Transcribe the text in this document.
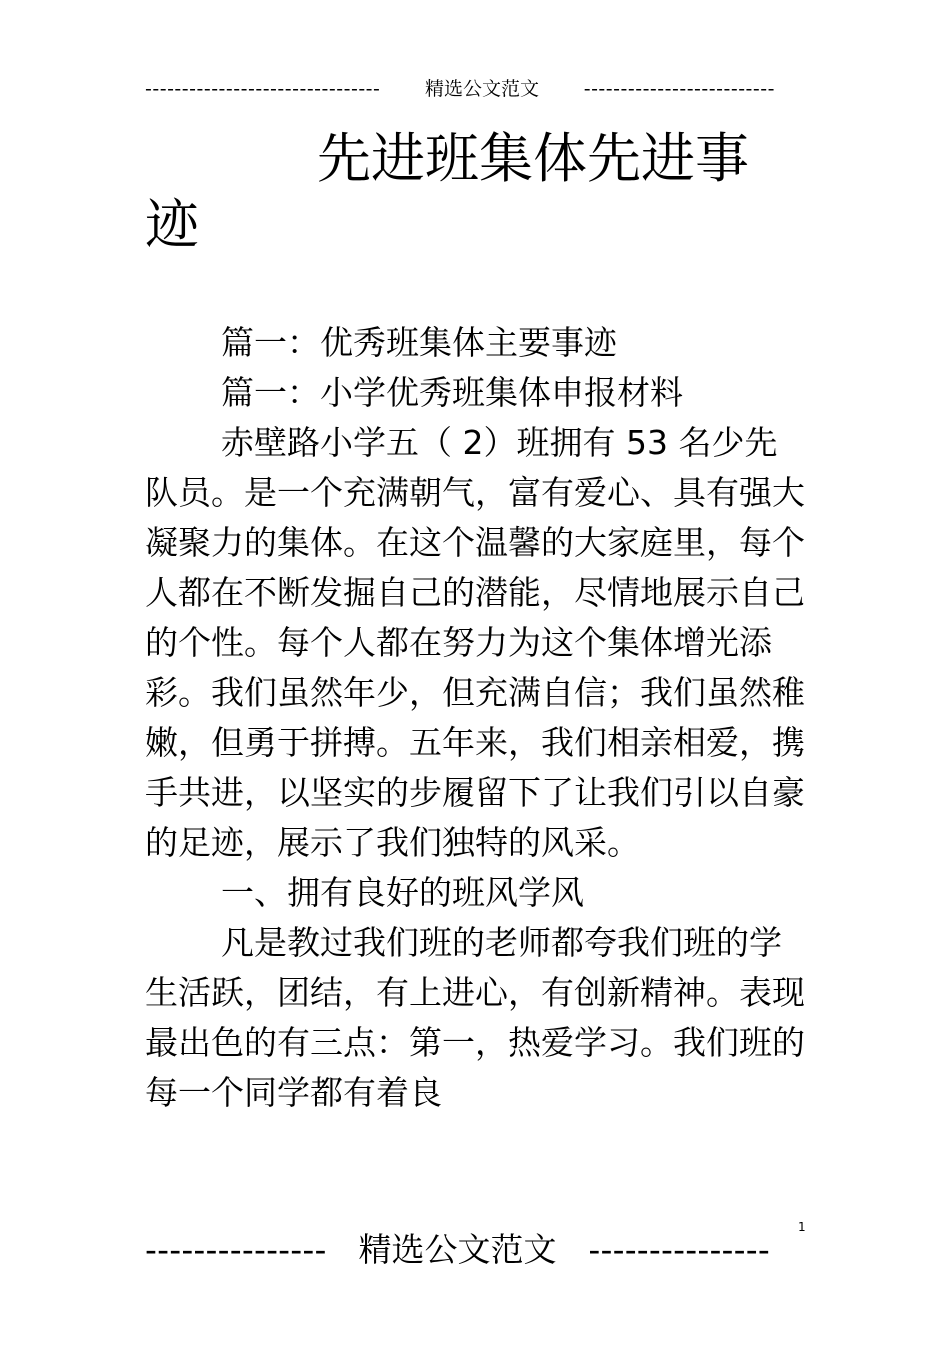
-------------------------------- 精选公文范文 --------------------------
先进班集体先进事
迹

篇一：优秀班集体主要事迹

篇一：小学优秀班集体申报材料

赤壁路小学五（ 2）班拥有 53 名少先队员。是一个充满朝气，富有爱心、具有强大凝聚力的集体。在这个温馨的大家庭里，每个人都在不断发掘自己的潜能，尽情地展示自己的个性。每个人都在努力为这个集体增光添彩。我们虽然年少，但充满自信；我们虽然稚嫩，但勇于拼搏。五年来，我们相亲相爱，携手共进，以坚实的步履留下了让我们引以自豪的足迹，展示了我们独特的风采。

一、拥有良好的班风学风

凡是教过我们班的老师都夸我们班的学生活跃，团结，有上进心，有创新精神。表现最出色的有三点：第一，热爱学习。我们班的每一个同学都有着良

1
--------------- 精选公文范文 ---------------
